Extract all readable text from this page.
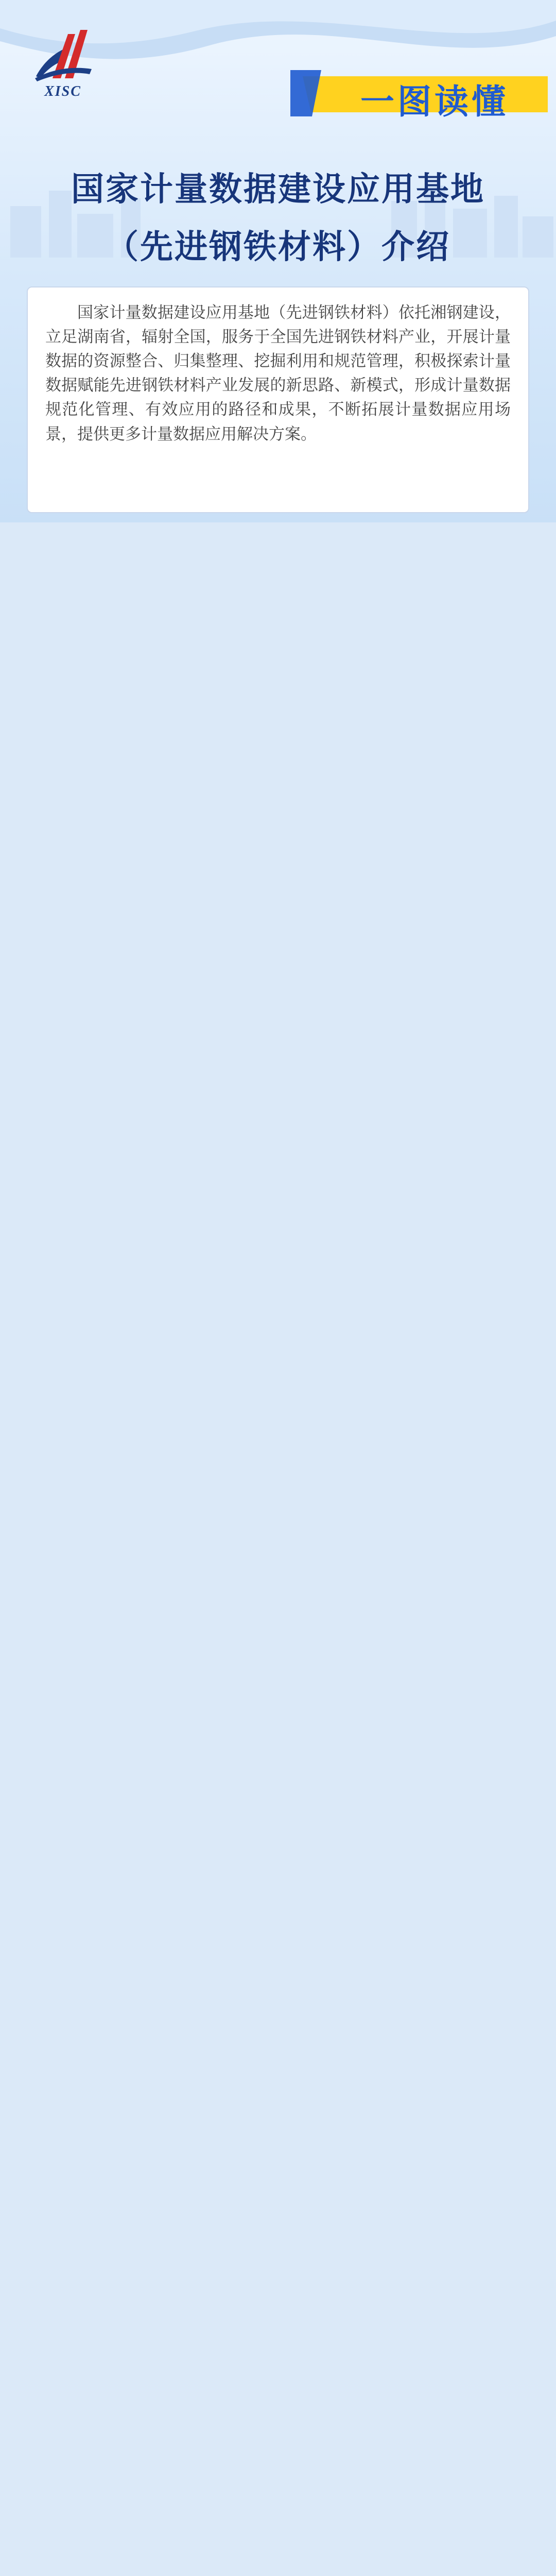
XISC	一图读懂
国家计量数据建设应用基地
（先进钢铁材料）介绍
国家计量数据建设应用基地（先进钢铁材料）依托湘钢建设，立足湖南省，辐射全国，服务于全国先进钢铁材料产业，开展计量数据的资源整合、归集整理、挖掘利用和规范管理，积极探索计量数据赋能先进钢铁材料产业发展的新思路、新模式，形成计量数据规范化管理、有效应用的路径和成果，不断拓展计量数据应用场景，提供更多计量数据应用解决方案。
